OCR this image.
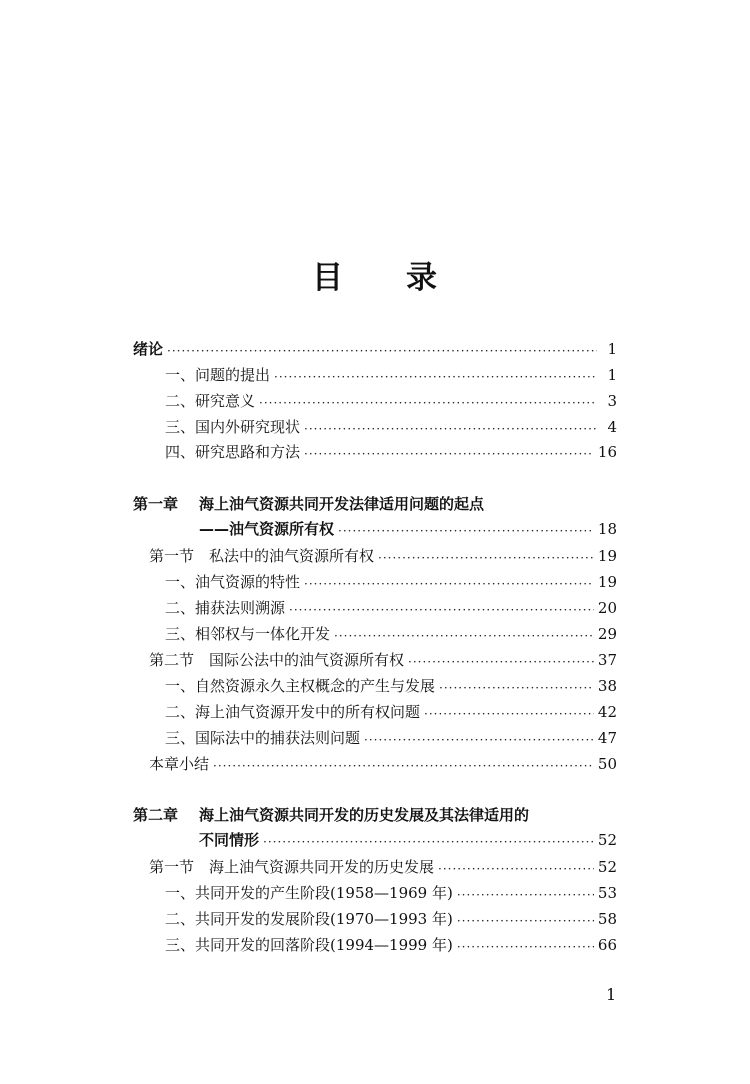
目 录
绪论 ·····	1
一、问题的提出 ·····	1
二、研究意义 ·····	3
三、国内外研究现状 ·····	4
四、研究思路和方法 ·····	16
第一章 海上油气资源共同开发法律适用问题的起点
——油气资源所有权 ·····	18
第一节 私法中的油气资源所有权 ·····	19
一、油气资源的特性 ·····	19
二、捕获法则溯源 ·····	20
三、相邻权与一体化开发 ·····	29
第二节 国际公法中的油气资源所有权 ·····	37
一、自然资源永久主权概念的产生与发展 ·····	38
二、海上油气资源开发中的所有权问题 ·····	42
三、国际法中的捕获法则问题 ·····	47
本章小结 ·····	50
第二章 海上油气资源共同开发的历史发展及其法律适用的
不同情形 ·····	52
第一节 海上油气资源共同开发的历史发展 ·····	52
一、共同开发的产生阶段(1958—1969 年) ·····	53
二、共同开发的发展阶段(1970—1993 年) ·····	58
三、共同开发的回落阶段(1994—1999 年) ·····	66
1
